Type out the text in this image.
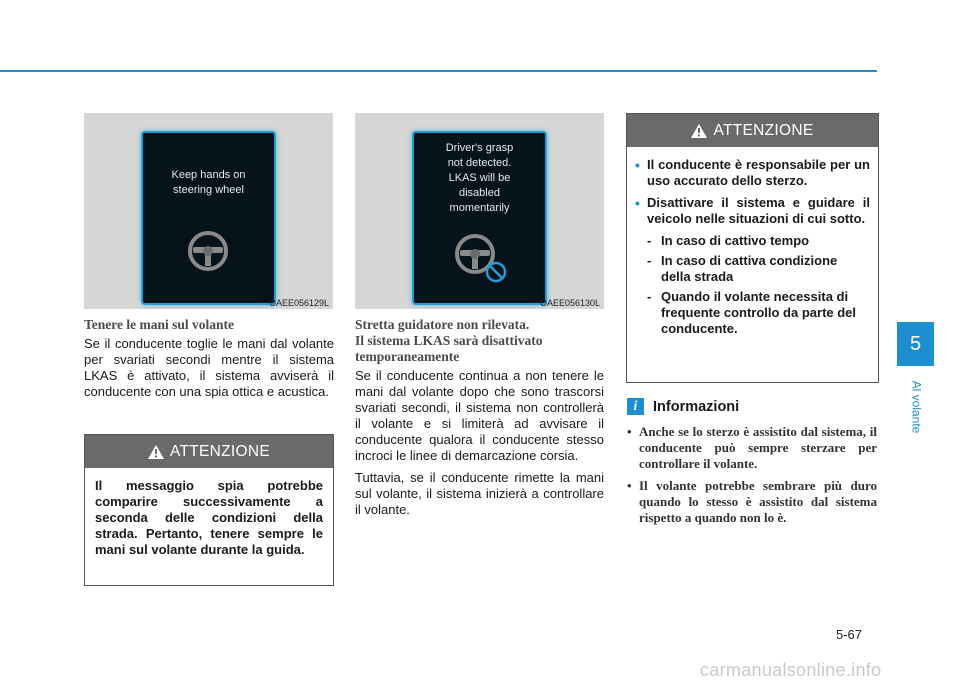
5
Al volante
Keep hands on
steering wheel
OAEE056129L
Driver's grasp
not detected.
LKAS will be
disabled
momentarily
OAEE056130L
Tenere le mani sul volante

Se il conducente toglie le mani dal volante per svariati secondi mentre il sistema LKAS è attivato, il sistema avviserà il conducente con una spia ottica e acustica.

ATTENZIONE
Il messaggio spia potrebbe comparire successivamente a seconda delle condizioni della strada. Pertanto, tenere sempre le mani sul volante durante la guida.
Stretta guidatore non rilevata.
Il sistema LKAS sarà disattivato
temporaneamente

Se il conducente continua a non tenere le mani dal volante dopo che sono trascorsi svariati secondi, il sistema non controllerà il volante e si limiterà ad avvisare il conducente qualora il conducente stesso incroci le linee di demarcazione corsia.

Tuttavia, se il conducente rimette la mani sul volante, il sistema inizierà a controllare il volante.

ATTENZIONE
• Il conducente è responsabile per un uso accurato dello sterzo.
• Disattivare il sistema e guidare il veicolo nelle situazioni di cui sotto.
- In caso di cattivo tempo
- In caso di cattiva condizione della strada
- Quando il volante necessita di frequente controllo da parte del conducente.
i	Informazioni
• Anche se lo sterzo è assistito dal sistema, il conducente può sempre sterzare per controllare il volante.
• Il volante potrebbe sembrare più duro quando lo stesso è assistito dal sistema rispetto a quando non lo è.
5-67
carmanualsonline.info
